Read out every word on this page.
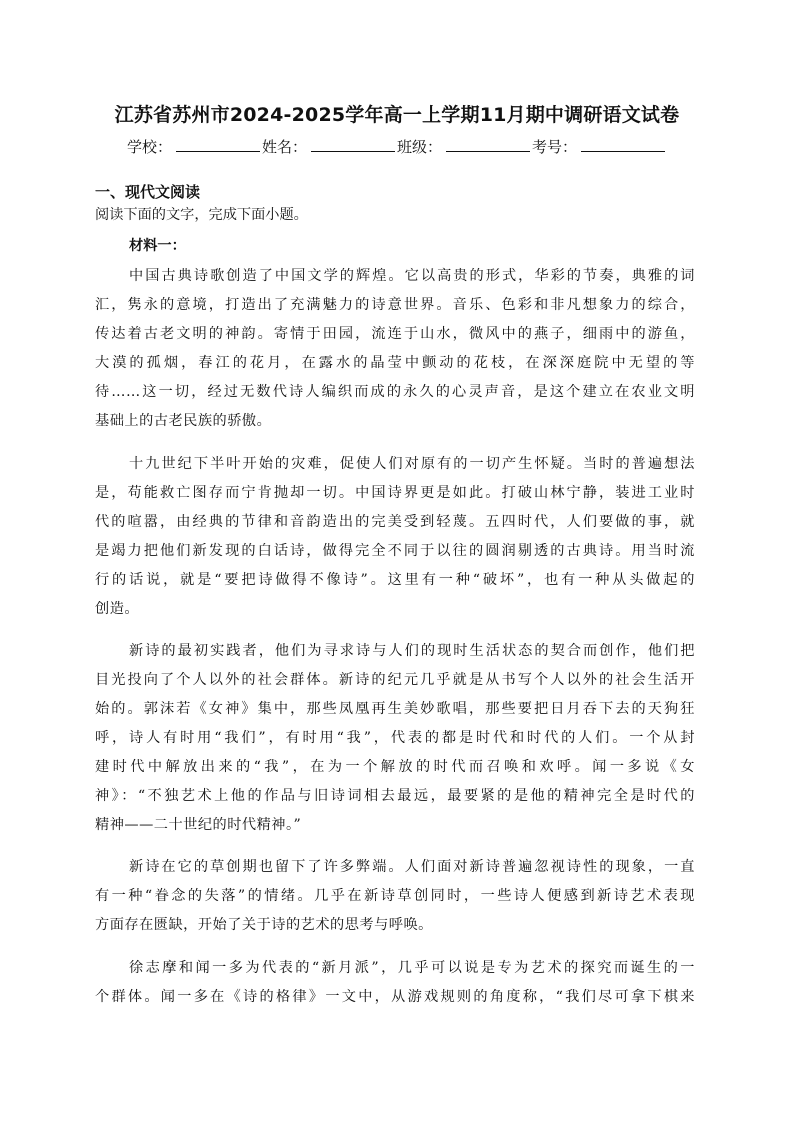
江苏省苏州市2024-2025学年高一上学期11月期中调研语文试卷
学校：	姓名：	班级：	考号：
一、现代文阅读
阅读下面的文字，完成下面小题。
材料一：
中国古典诗歌创造了中国文学的辉煌。它以高贵的形式，华彩的节奏，典雅的词
汇，隽永的意境，打造出了充满魅力的诗意世界。音乐、色彩和非凡想象力的综合，
传达着古老文明的神韵。寄情于田园，流连于山水，微风中的燕子，细雨中的游鱼，
大漠的孤烟，春江的花月，在露水的晶莹中颤动的花枝，在深深庭院中无望的等
待……这一切，经过无数代诗人编织而成的永久的心灵声音，是这个建立在农业文明
基础上的古老民族的骄傲。
十九世纪下半叶开始的灾难，促使人们对原有的一切产生怀疑。当时的普遍想法
是，苟能救亡图存而宁肯抛却一切。中国诗界更是如此。打破山林宁静，装进工业时
代的喧嚣，由经典的节律和音韵造出的完美受到轻蔑。五四时代，人们要做的事，就
是竭力把他们新发现的白话诗，做得完全不同于以往的圆润剔透的古典诗。用当时流
行的话说，就是“要把诗做得不像诗”。这里有一种“破坏”，也有一种从头做起的
创造。
新诗的最初实践者，他们为寻求诗与人们的现时生活状态的契合而创作，他们把
目光投向了个人以外的社会群体。新诗的纪元几乎就是从书写个人以外的社会生活开
始的。郭沫若《女神》集中，那些凤凰再生美妙歌唱，那些要把日月吞下去的天狗狂
呼，诗人有时用“我们”，有时用“我”，代表的都是时代和时代的人们。一个从封
建时代中解放出来的“我”，在为一个解放的时代而召唤和欢呼。闻一多说《女
神》：“不独艺术上他的作品与旧诗词相去最远，最要紧的是他的精神完全是时代的
精神——二十世纪的时代精神。”
新诗在它的草创期也留下了许多弊端。人们面对新诗普遍忽视诗性的现象，一直
有一种“眷念的失落”的情绪。几乎在新诗草创同时，一些诗人便感到新诗艺术表现
方面存在匮缺，开始了关于诗的艺术的思考与呼唤。
徐志摩和闻一多为代表的“新月派”，几乎可以说是专为艺术的探究而诞生的一
个群体。闻一多在《诗的格律》一文中，从游戏规则的角度称，“我们尽可拿下棋来
